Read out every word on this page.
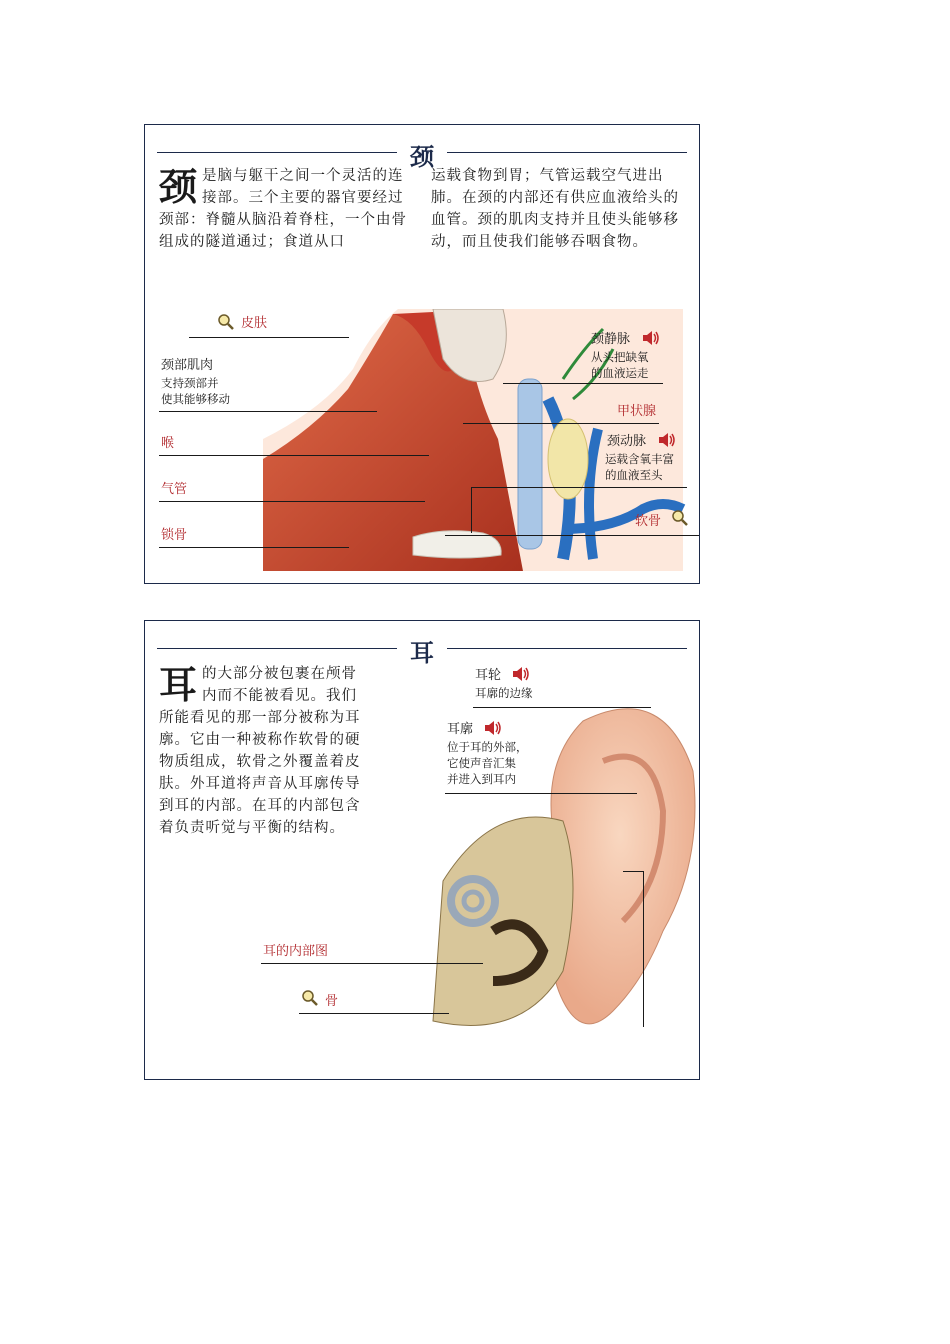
颈
颈是脑与躯干之间一个灵活的连接部。三个主要的器官要经过颈部：脊髓从脑沿着脊柱，一个由骨组成的隧道通过；食道从口
运载食物到胃；气管运载空气进出肺。在颈的内部还有供应血液给头的血管。颈的肌肉支持并且使头能够移动，而且使我们能够吞咽食物。
皮肤
颈部肌肉
支持颈部并
使其能够移动
喉
气管
锁骨
颈静脉
从头把缺氧
的血液运走
甲状腺
颈动脉
运载含氧丰富
的血液至头
软骨
耳
耳的大部分被包裹在颅骨内而不能被看见。我们所能看见的那一部分被称为耳廓。它由一种被称作软骨的硬物质组成，软骨之外覆盖着皮肤。外耳道将声音从耳廓传导到耳的内部。在耳的内部包含着负责听觉与平衡的结构。
耳轮
耳廓的边缘
耳廓
位于耳的外部，
它使声音汇集
并进入到耳内
耳的内部图
骨
